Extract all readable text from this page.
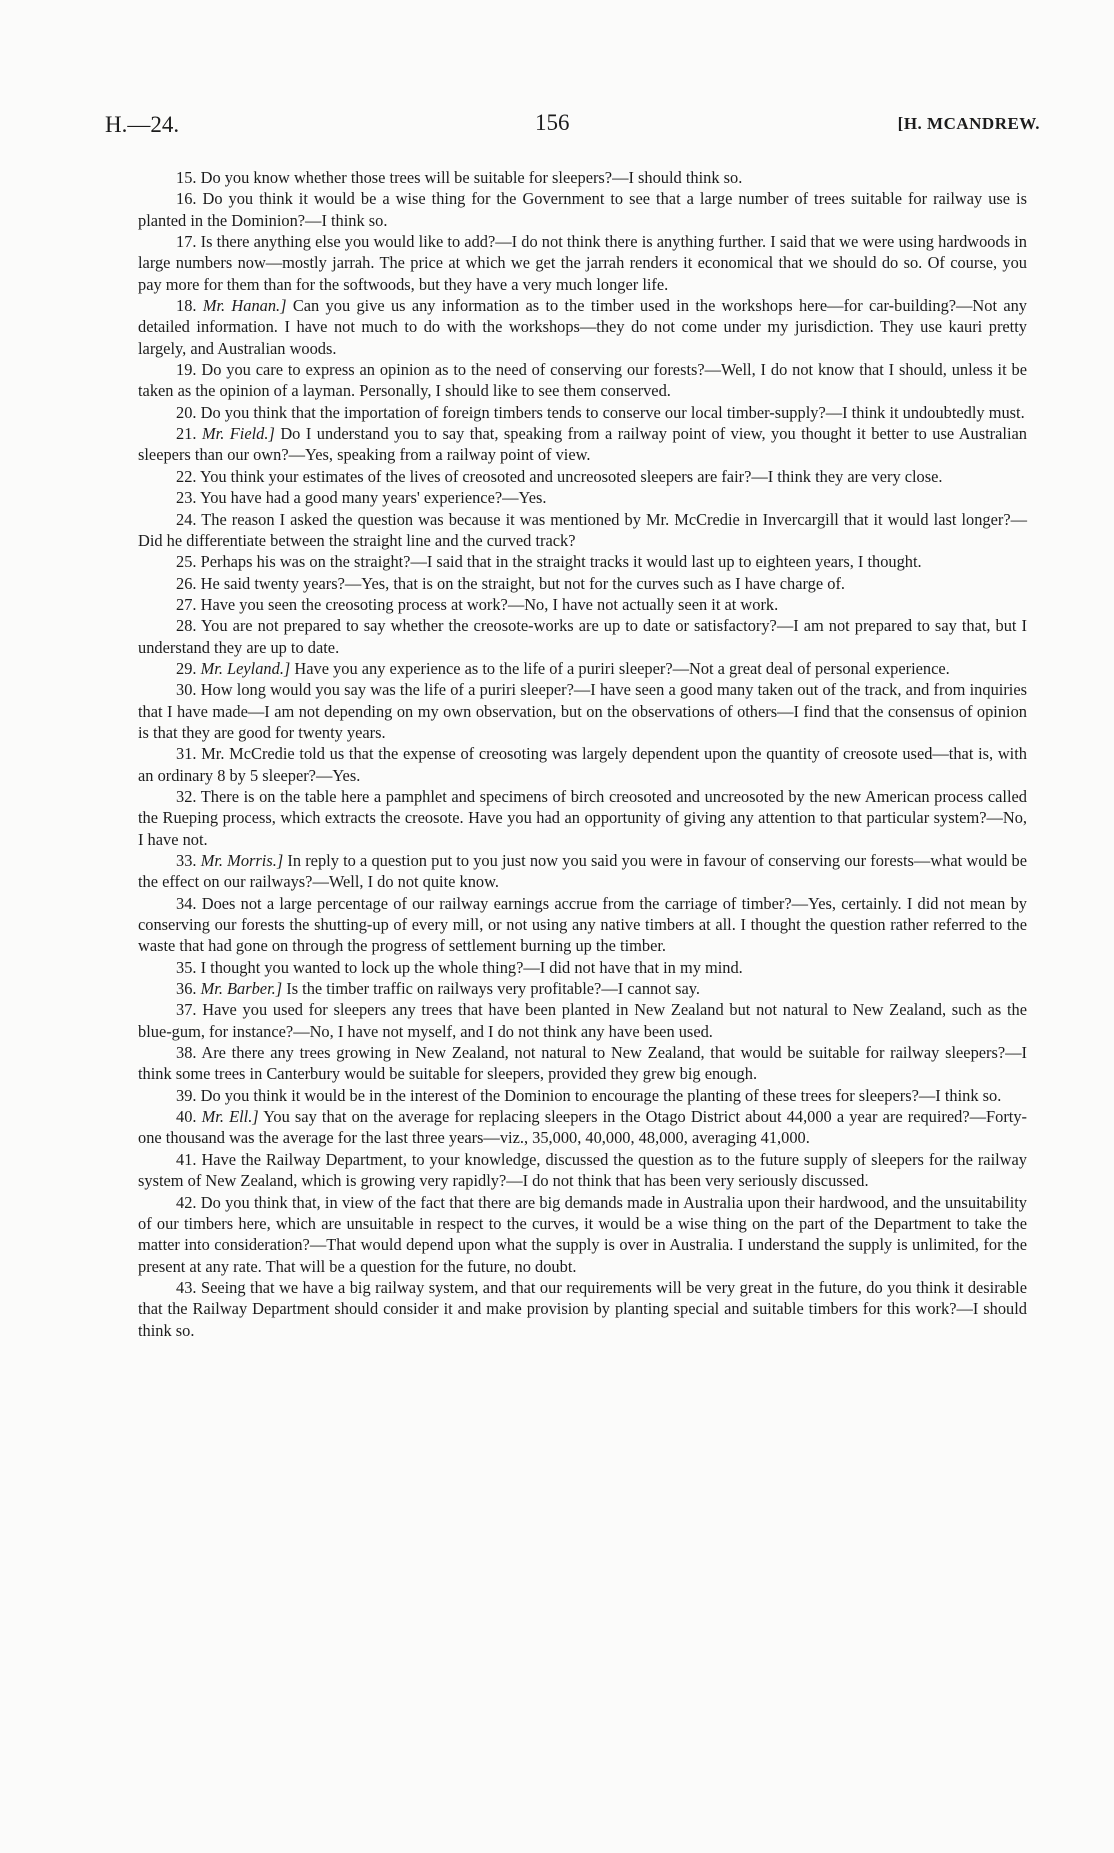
H.—24.	156	[H. MCANDREW.

15. Do you know whether those trees will be suitable for sleepers?—I should think so.

16. Do you think it would be a wise thing for the Government to see that a large number of trees suitable for railway use is planted in the Dominion?—I think so.

17. Is there anything else you would like to add?—I do not think there is anything further. I said that we were using hardwoods in large numbers now—mostly jarrah. The price at which we get the jarrah renders it economical that we should do so. Of course, you pay more for them than for the softwoods, but they have a very much longer life.

18. Mr. Hanan.] Can you give us any information as to the timber used in the workshops here—for car-building?—Not any detailed information. I have not much to do with the workshops—they do not come under my jurisdiction. They use kauri pretty largely, and Australian woods.

19. Do you care to express an opinion as to the need of conserving our forests?—Well, I do not know that I should, unless it be taken as the opinion of a layman. Personally, I should like to see them conserved.

20. Do you think that the importation of foreign timbers tends to conserve our local timber-supply?—I think it undoubtedly must.

21. Mr. Field.] Do I understand you to say that, speaking from a railway point of view, you thought it better to use Australian sleepers than our own?—Yes, speaking from a railway point of view.

22. You think your estimates of the lives of creosoted and uncreosoted sleepers are fair?—I think they are very close.

23. You have had a good many years' experience?—Yes.

24. The reason I asked the question was because it was mentioned by Mr. McCredie in Invercargill that it would last longer?—Did he differentiate between the straight line and the curved track?

25. Perhaps his was on the straight?—I said that in the straight tracks it would last up to eighteen years, I thought.

26. He said twenty years?—Yes, that is on the straight, but not for the curves such as I have charge of.

27. Have you seen the creosoting process at work?—No, I have not actually seen it at work.

28. You are not prepared to say whether the creosote-works are up to date or satisfactory?—I am not prepared to say that, but I understand they are up to date.

29. Mr. Leyland.] Have you any experience as to the life of a puriri sleeper?—Not a great deal of personal experience.

30. How long would you say was the life of a puriri sleeper?—I have seen a good many taken out of the track, and from inquiries that I have made—I am not depending on my own observation, but on the observations of others—I find that the consensus of opinion is that they are good for twenty years.

31. Mr. McCredie told us that the expense of creosoting was largely dependent upon the quantity of creosote used—that is, with an ordinary 8 by 5 sleeper?—Yes.

32. There is on the table here a pamphlet and specimens of birch creosoted and uncreosoted by the new American process called the Rueping process, which extracts the creosote. Have you had an opportunity of giving any attention to that particular system?—No, I have not.

33. Mr. Morris.] In reply to a question put to you just now you said you were in favour of conserving our forests—what would be the effect on our railways?—Well, I do not quite know.

34. Does not a large percentage of our railway earnings accrue from the carriage of timber?—Yes, certainly. I did not mean by conserving our forests the shutting-up of every mill, or not using any native timbers at all. I thought the question rather referred to the waste that had gone on through the progress of settlement burning up the timber.

35. I thought you wanted to lock up the whole thing?—I did not have that in my mind.

36. Mr. Barber.] Is the timber traffic on railways very profitable?—I cannot say.

37. Have you used for sleepers any trees that have been planted in New Zealand but not natural to New Zealand, such as the blue-gum, for instance?—No, I have not myself, and I do not think any have been used.

38. Are there any trees growing in New Zealand, not natural to New Zealand, that would be suitable for railway sleepers?—I think some trees in Canterbury would be suitable for sleepers, provided they grew big enough.

39. Do you think it would be in the interest of the Dominion to encourage the planting of these trees for sleepers?—I think so.

40. Mr. Ell.] You say that on the average for replacing sleepers in the Otago District about 44,000 a year are required?—Forty-one thousand was the average for the last three years—viz., 35,000, 40,000, 48,000, averaging 41,000.

41. Have the Railway Department, to your knowledge, discussed the question as to the future supply of sleepers for the railway system of New Zealand, which is growing very rapidly?—I do not think that has been very seriously discussed.

42. Do you think that, in view of the fact that there are big demands made in Australia upon their hardwood, and the unsuitability of our timbers here, which are unsuitable in respect to the curves, it would be a wise thing on the part of the Department to take the matter into consideration?—That would depend upon what the supply is over in Australia. I understand the supply is unlimited, for the present at any rate. That will be a question for the future, no doubt.

43. Seeing that we have a big railway system, and that our requirements will be very great in the future, do you think it desirable that the Railway Department should consider it and make provision by planting special and suitable timbers for this work?—I should think so.
